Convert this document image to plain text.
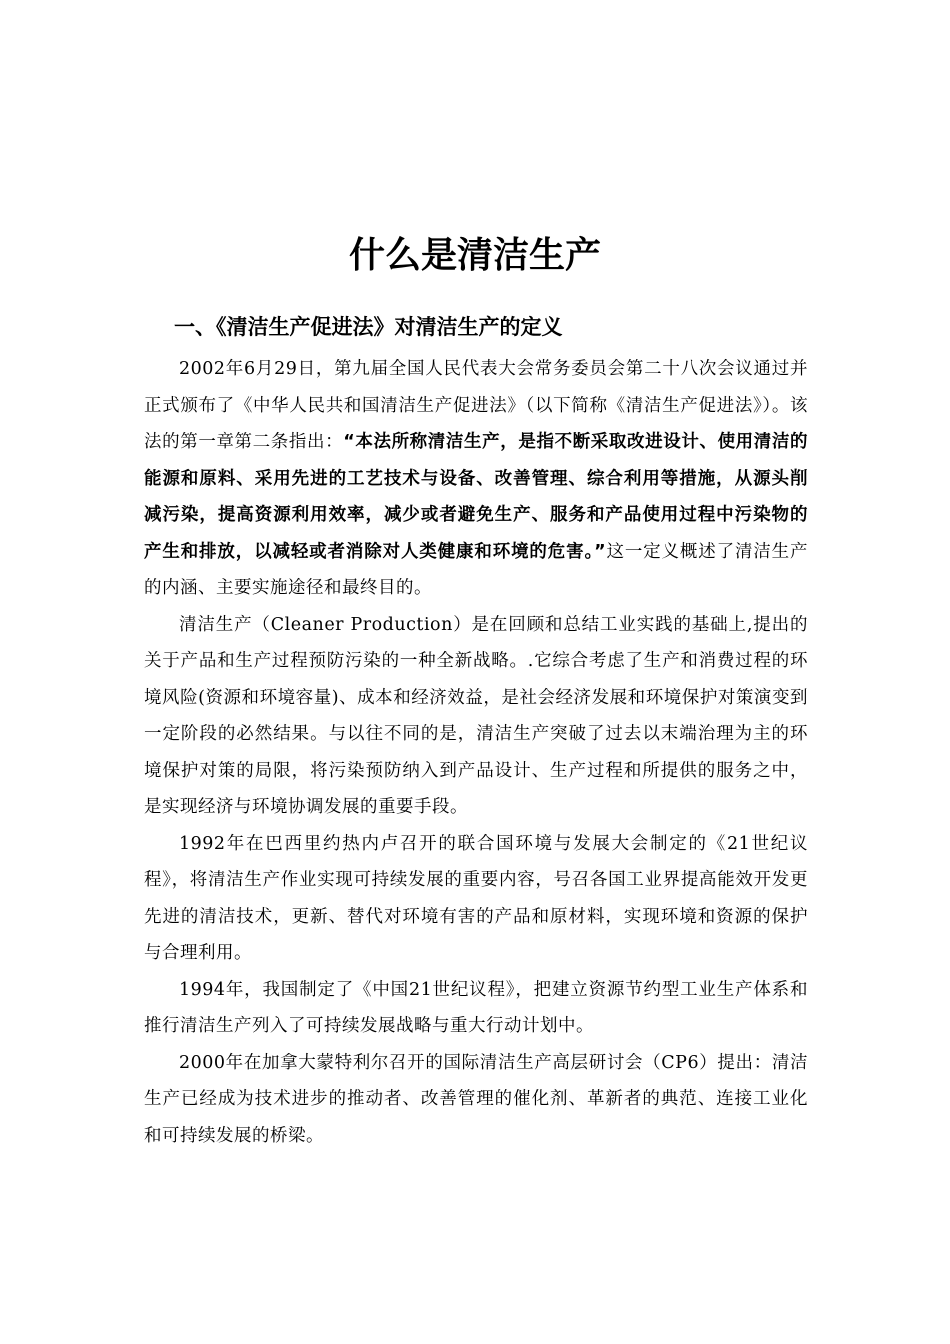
什么是清洁生产
一、《清洁生产促进法》对清洁生产的定义

2002年6月29日，第九届全国人民代表大会常务委员会第二十八次会议通过并正式颁布了《中华人民共和国清洁生产促进法》（以下简称《清洁生产促进法》）。该法的第一章第二条指出：“本法所称清洁生产，是指不断采取改进设计、使用清洁的能源和原料、采用先进的工艺技术与设备、改善管理、综合利用等措施，从源头削减污染，提高资源利用效率，减少或者避免生产、服务和产品使用过程中污染物的产生和排放，以减轻或者消除对人类健康和环境的危害。”这一定义概述了清洁生产的内涵、主要实施途径和最终目的。

清洁生产（Cleaner Production）是在回顾和总结工业实践的基础上,提出的关于产品和生产过程预防污染的一种全新战略。.它综合考虑了生产和消费过程的环境风险(资源和环境容量)、成本和经济效益，是社会经济发展和环境保护对策演变到一定阶段的必然结果。与以往不同的是，清洁生产突破了过去以末端治理为主的环境保护对策的局限，将污染预防纳入到产品设计、生产过程和所提供的服务之中，是实现经济与环境协调发展的重要手段。

1992年在巴西里约热内卢召开的联合国环境与发展大会制定的《21世纪议程》，将清洁生产作业实现可持续发展的重要内容，号召各国工业界提高能效开发更先进的清洁技术，更新、替代对环境有害的产品和原材料，实现环境和资源的保护与合理利用。

1994年，我国制定了《中国21世纪议程》，把建立资源节约型工业生产体系和推行清洁生产列入了可持续发展战略与重大行动计划中。

2000年在加拿大蒙特利尔召开的国际清洁生产高层研讨会（CP6）提出：清洁生产已经成为技术进步的推动者、改善管理的催化剂、革新者的典范、连接工业化和可持续发展的桥梁。
